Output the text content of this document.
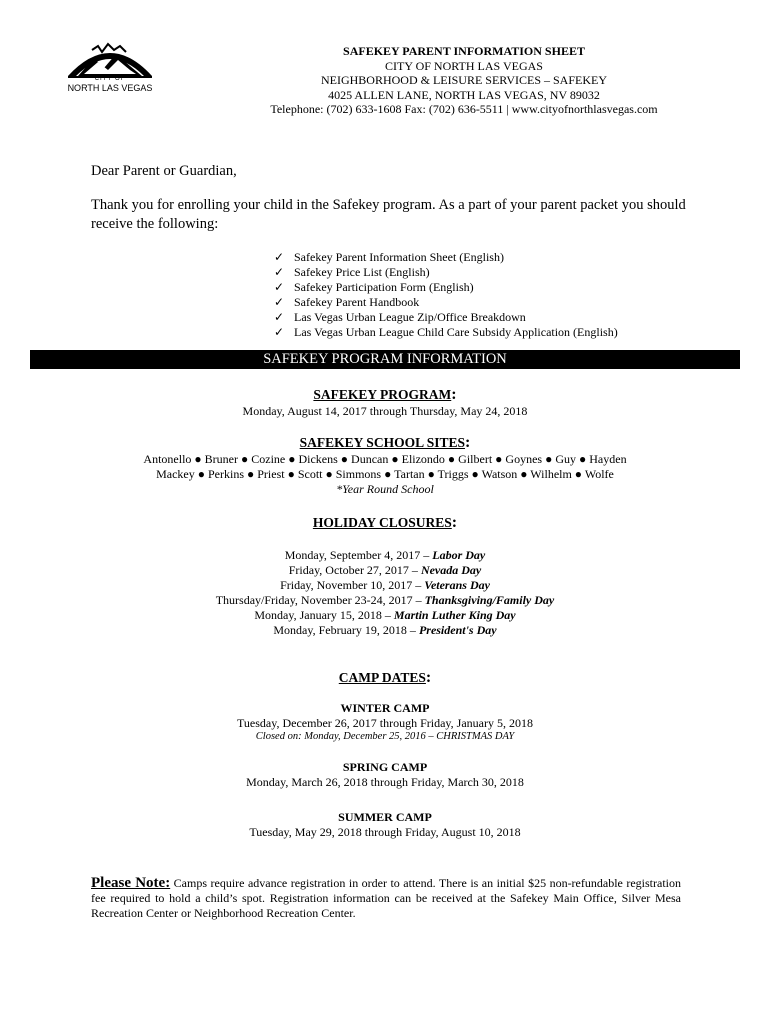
CITY OF
NORTH LAS VEGAS
SAFEKEY PARENT INFORMATION SHEET
CITY OF NORTH LAS VEGAS
NEIGHBORHOOD & LEISURE SERVICES – SAFEKEY
4025 ALLEN LANE, NORTH LAS VEGAS, NV 89032
Telephone: (702) 633-1608 Fax: (702) 636-5511 | www.cityofnorthlasvegas.com
Dear Parent or Guardian,
Thank you for enrolling your child in the Safekey program. As a part of your parent packet you should receive the following:
✓ Safekey Parent Information Sheet (English)
✓ Safekey Price List (English)
✓ Safekey Participation Form (English)
✓ Safekey Parent Handbook
✓ Las Vegas Urban League Zip/Office Breakdown
✓ Las Vegas Urban League Child Care Subsidy Application (English)
SAFEKEY PROGRAM INFORMATION
SAFEKEY PROGRAM:
Monday, August 14, 2017 through Thursday, May 24, 2018
SAFEKEY SCHOOL SITES:
Antonello ● Bruner ● Cozine ● Dickens ● Duncan ● Elizondo ● Gilbert ● Goynes ● Guy ● Hayden
Mackey ● Perkins ● Priest ● Scott ● Simmons ● Tartan ● Triggs ● Watson ● Wilhelm ● Wolfe
*Year Round School
HOLIDAY CLOSURES:
Monday, September 4, 2017 – Labor Day
Friday, October 27, 2017 – Nevada Day
Friday, November 10, 2017 – Veterans Day
Thursday/Friday, November 23-24, 2017 – Thanksgiving/Family Day
Monday, January 15, 2018 – Martin Luther King Day
Monday, February 19, 2018 – President's Day
CAMP DATES:
WINTER CAMP
Tuesday, December 26, 2017 through Friday, January 5, 2018
Closed on: Monday, December 25, 2016 – CHRISTMAS DAY
SPRING CAMP
Monday, March 26, 2018 through Friday, March 30, 2018
SUMMER CAMP
Tuesday, May 29, 2018 through Friday, August 10, 2018
Please Note: Camps require advance registration in order to attend. There is an initial $25 non-refundable registration fee required to hold a child’s spot. Registration information can be received at the Safekey Main Office, Silver Mesa Recreation Center or Neighborhood Recreation Center.
